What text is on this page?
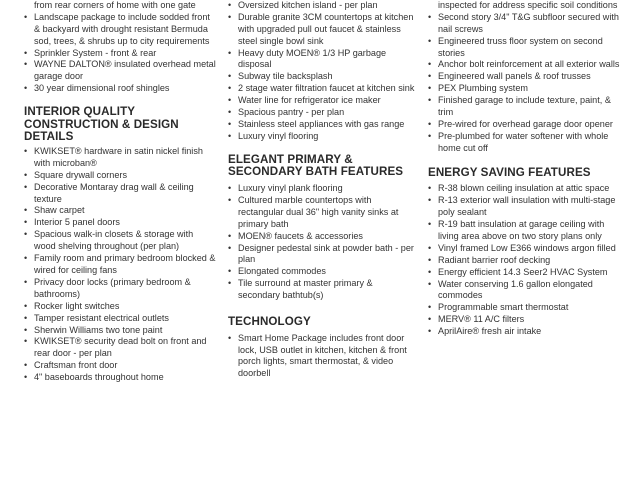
• from rear corners of home with one gate
• Landscape package to include sodded front & backyard with drought resistant Bermuda sod, trees, & shrubs up to city requirements
• Sprinkler System - front & rear
• WAYNE DALTON® insulated overhead metal garage door
• 30 year dimensional roof shingles
INTERIOR QUALITY CONSTRUCTION & DESIGN DETAILS
• KWIKSET® hardware in satin nickel finish with microban®
• Square drywall corners
• Decorative Montaray drag wall & ceiling texture
• Shaw carpet
• Interior 5 panel doors
• Spacious walk-in closets & storage with wood shelving throughout (per plan)
• Family room and primary bedroom blocked & wired for ceiling fans
• Privacy door locks (primary bedroom & bathrooms)
• Rocker light switches
• Tamper resistant electrical outlets
• Sherwin Williams two tone paint
• KWIKSET® security dead bolt on front and rear door - per plan
• Craftsman front door
• 4" baseboards throughout home
• Oversized kitchen island - per plan
• Durable granite 3CM countertops at kitchen with upgraded pull out faucet & stainless steel single bowl sink
• Heavy duty MOEN® 1/3 HP garbage disposal
• Subway tile backsplash
• 2 stage water filtration faucet at kitchen sink
• Water line for refrigerator ice maker
• Spacious pantry - per plan
• Stainless steel appliances with gas range
• Luxury vinyl flooring
ELEGANT PRIMARY & SECONDARY BATH FEATURES
• Luxury vinyl plank flooring
• Cultured marble countertops with rectangular dual 36" high vanity sinks at primary bath
• MOEN® faucets & accessories
• Designer pedestal sink at powder bath - per plan
• Elongated commodes
• Tile surround at master primary & secondary bathtub(s)
TECHNOLOGY
• Smart Home Package includes front door lock, USB outlet in kitchen, kitchen & front porch lights, smart thermostat, & video doorbell
• inspected for address specific soil conditions
• Second story 3/4" T&G subfloor secured with nail screws
• Engineered truss floor system on second stories
• Anchor bolt reinforcement at all exterior walls
• Engineered wall panels & roof trusses
• PEX Plumbing system
• Finished garage to include texture, paint, & trim
• Pre-wired for overhead garage door opener
• Pre-plumbed for water softener with whole home cut off
ENERGY SAVING FEATURES
• R-38 blown ceiling insulation at attic space
• R-13 exterior wall insulation with multi-stage poly sealant
• R-19 batt insulation at garage ceiling with living area above on two story plans only
• Vinyl framed Low E366 windows argon filled
• Radiant barrier roof decking
• Energy efficient 14.3 Seer2 HVAC System
• Water conserving 1.6 gallon elongated commodes
• Programmable smart thermostat
• MERV® 11 A/C filters
• AprilAire® fresh air intake
